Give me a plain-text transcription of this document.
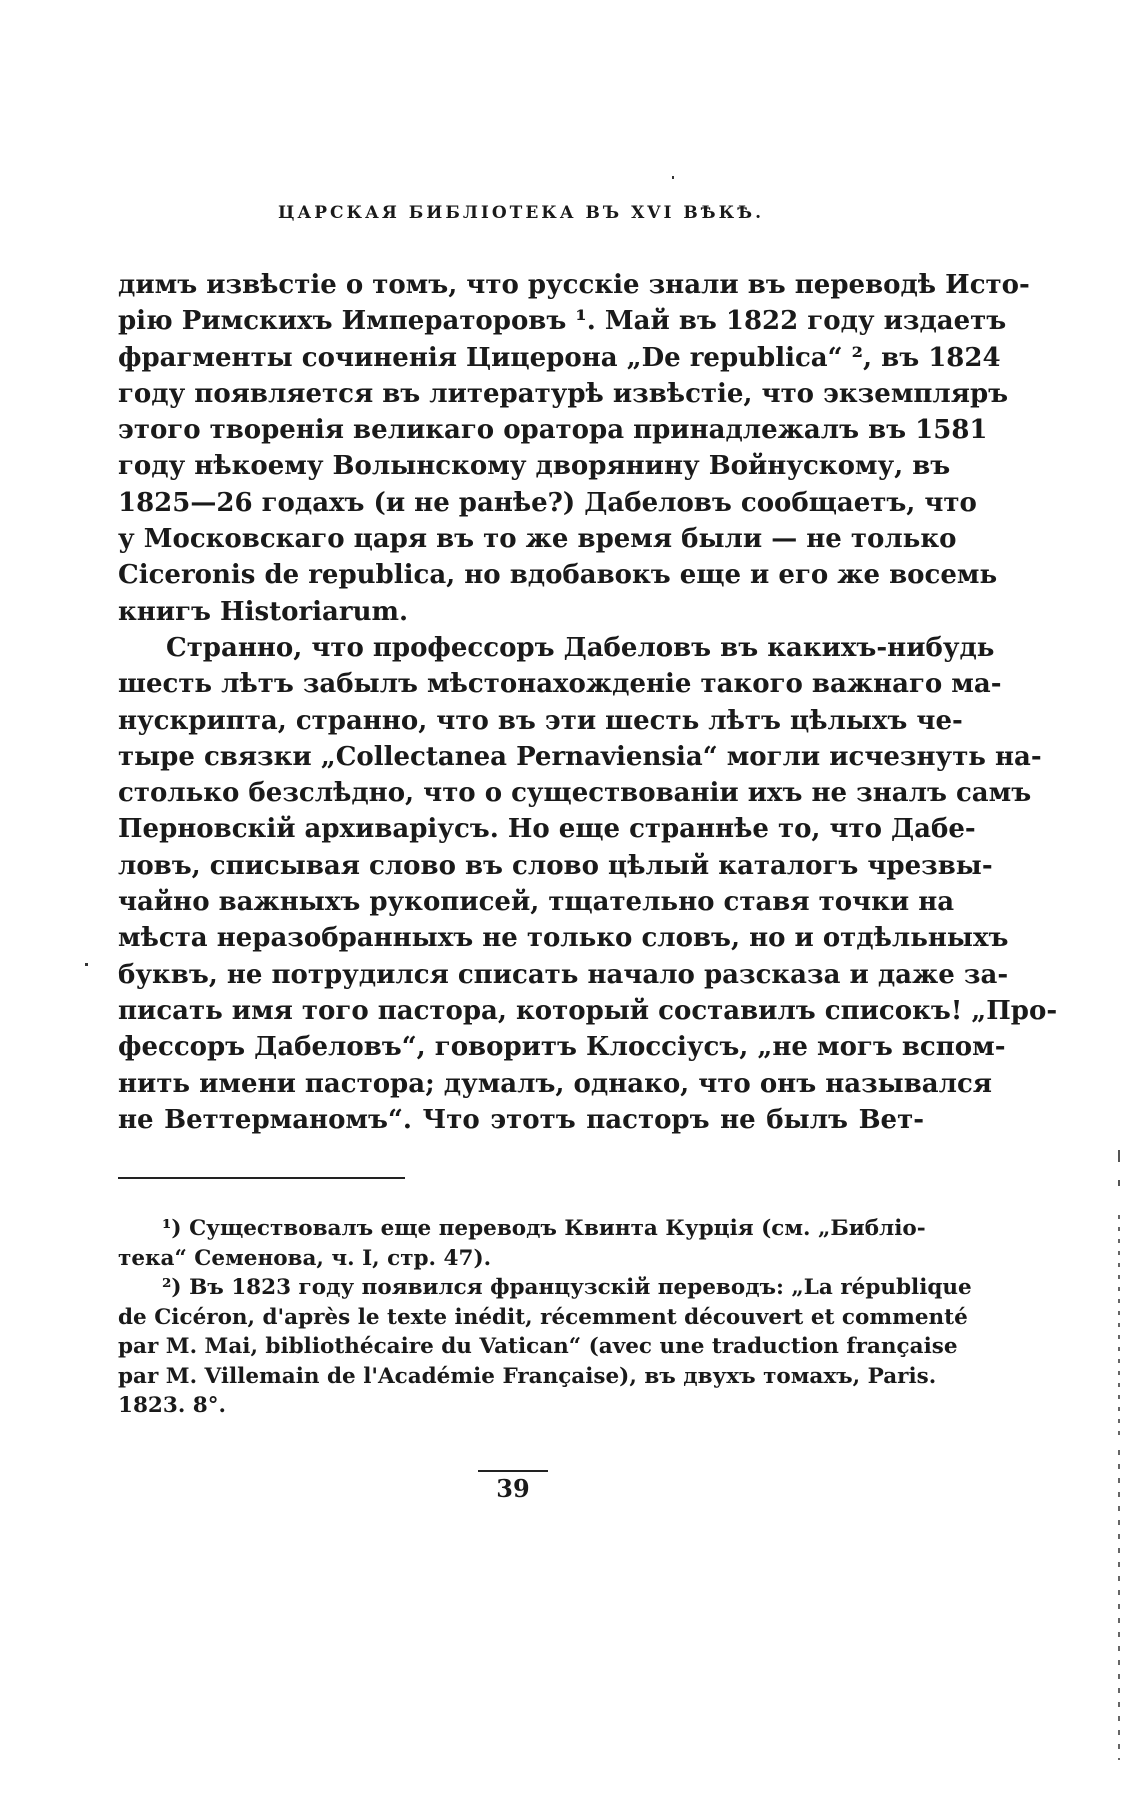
ЦАРСКАЯ БИБЛIОТЕКА ВЪ XVI ВѢКѢ.
димъ извѣстіе о томъ, что русскіе знали въ переводѣ Исто-
рію Римскихъ Императоровъ ¹. Май въ 1822 году издаетъ
фрагменты сочиненія Цицерона „De republica“ ², въ 1824
году появляется въ литературѣ извѣстіе, что экземпляръ
этого творенія великаго оратора принадлежалъ въ 1581
году нѣкоему Волынскому дворянину Войнускому, въ
1825—26 годахъ (и не ранѣе?) Дабеловъ сообщаетъ, что
у Московскаго царя въ то же время были — не только
Ciceronis de republica, но вдобавокъ еще и его же восемь
книгъ Historiarum.
Странно, что профессоръ Дабеловъ въ какихъ-нибудь
шесть лѣтъ забылъ мѣстонахожденіе такого важнаго ма-
нускрипта, странно, что въ эти шесть лѣтъ цѣлыхъ че-
тыре связки „Collectanea Pernaviensia“ могли исчезнуть на-
столько безслѣдно, что о существованіи ихъ не зналъ самъ
Перновскій архиваріусъ. Но еще страннѣе то, что Дабе-
ловъ, списывая слово въ слово цѣлый каталогъ чрезвы-
чайно важныхъ рукописей, тщательно ставя точки на
мѣста неразобранныхъ не только словъ, но и отдѣльныхъ
буквъ, не потрудился списать начало разсказа и даже за-
писать имя того пастора, который составилъ списокъ! „Про-
фессоръ Дабеловъ“, говоритъ Клоссіусъ, „не могъ вспом-
нить имени пастора; думалъ, однако, что онъ назывался
не Веттерманомъ“. Что этотъ пасторъ не былъ Вет-
¹) Существовалъ еще переводъ Квинта Курція (см. „Библіо-
тека“ Семенова, ч. I, стр. 47).
²) Въ 1823 году появился французскій переводъ: „La république
de Cicéron, d'après le texte inédit, récemment découvert et commenté
par M. Mai, bibliothécaire du Vatican“ (avec une traduction française
par M. Villemain de l'Académie Française), въ двухъ томахъ, Paris.
1823. 8°.
39
